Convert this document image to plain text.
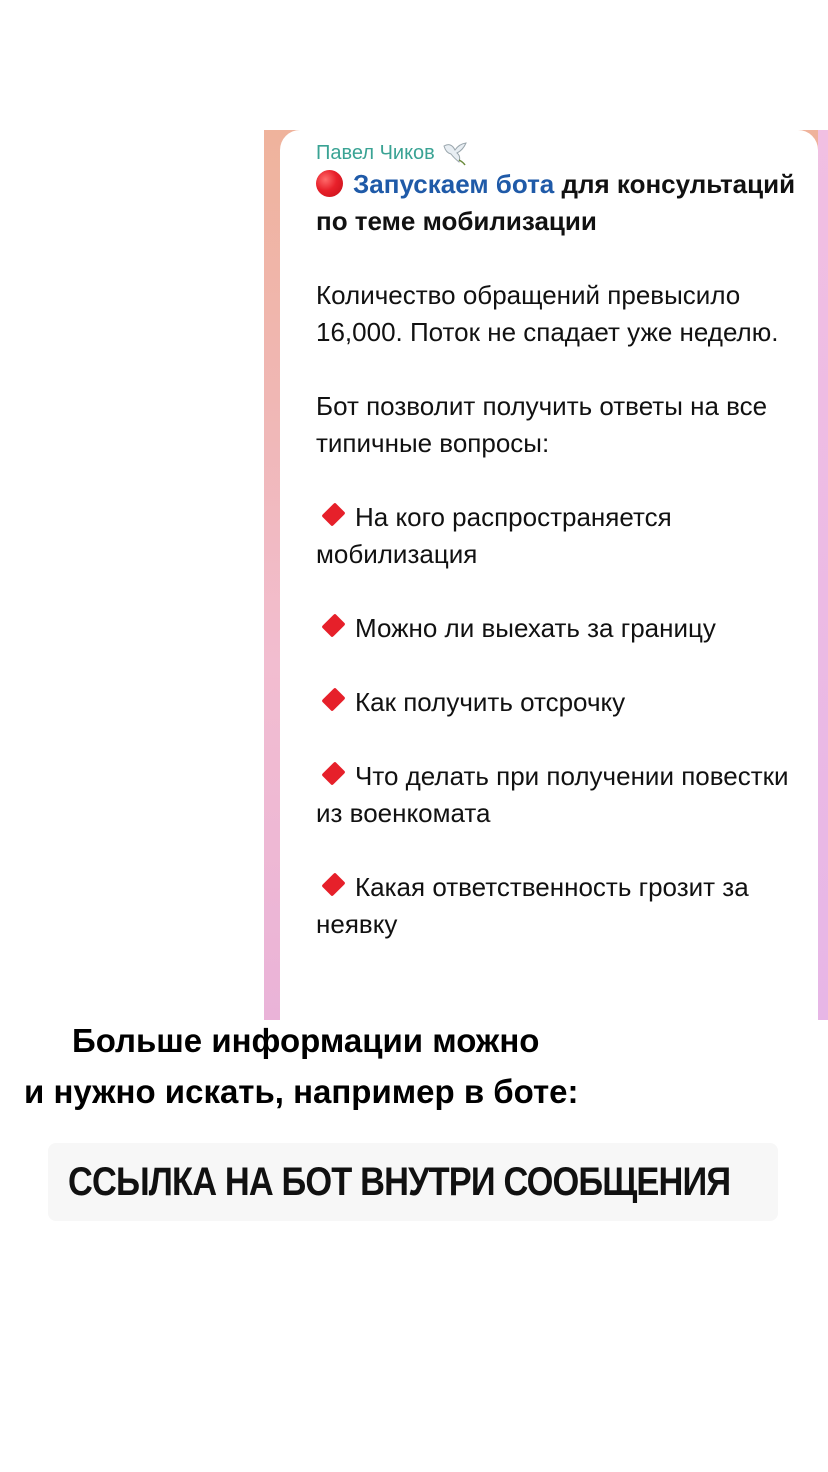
Павел Чиков

Запускаем бота для консультаций по теме мобилизации

Количество обращений превысило 16,000. Поток не спадает уже неделю.

Бот позволит получить ответы на все типичные вопросы:

На кого распространяется мобилизация

Можно ли выехать за границу

Как получить отсрочку

Что делать при получении повестки из военкомата

Какая ответственность грозит за неявку

Больше информации можно
и нужно искать, например в боте:
ССЫЛКА НА БОТ ВНУТРИ СООБЩЕНИЯ
